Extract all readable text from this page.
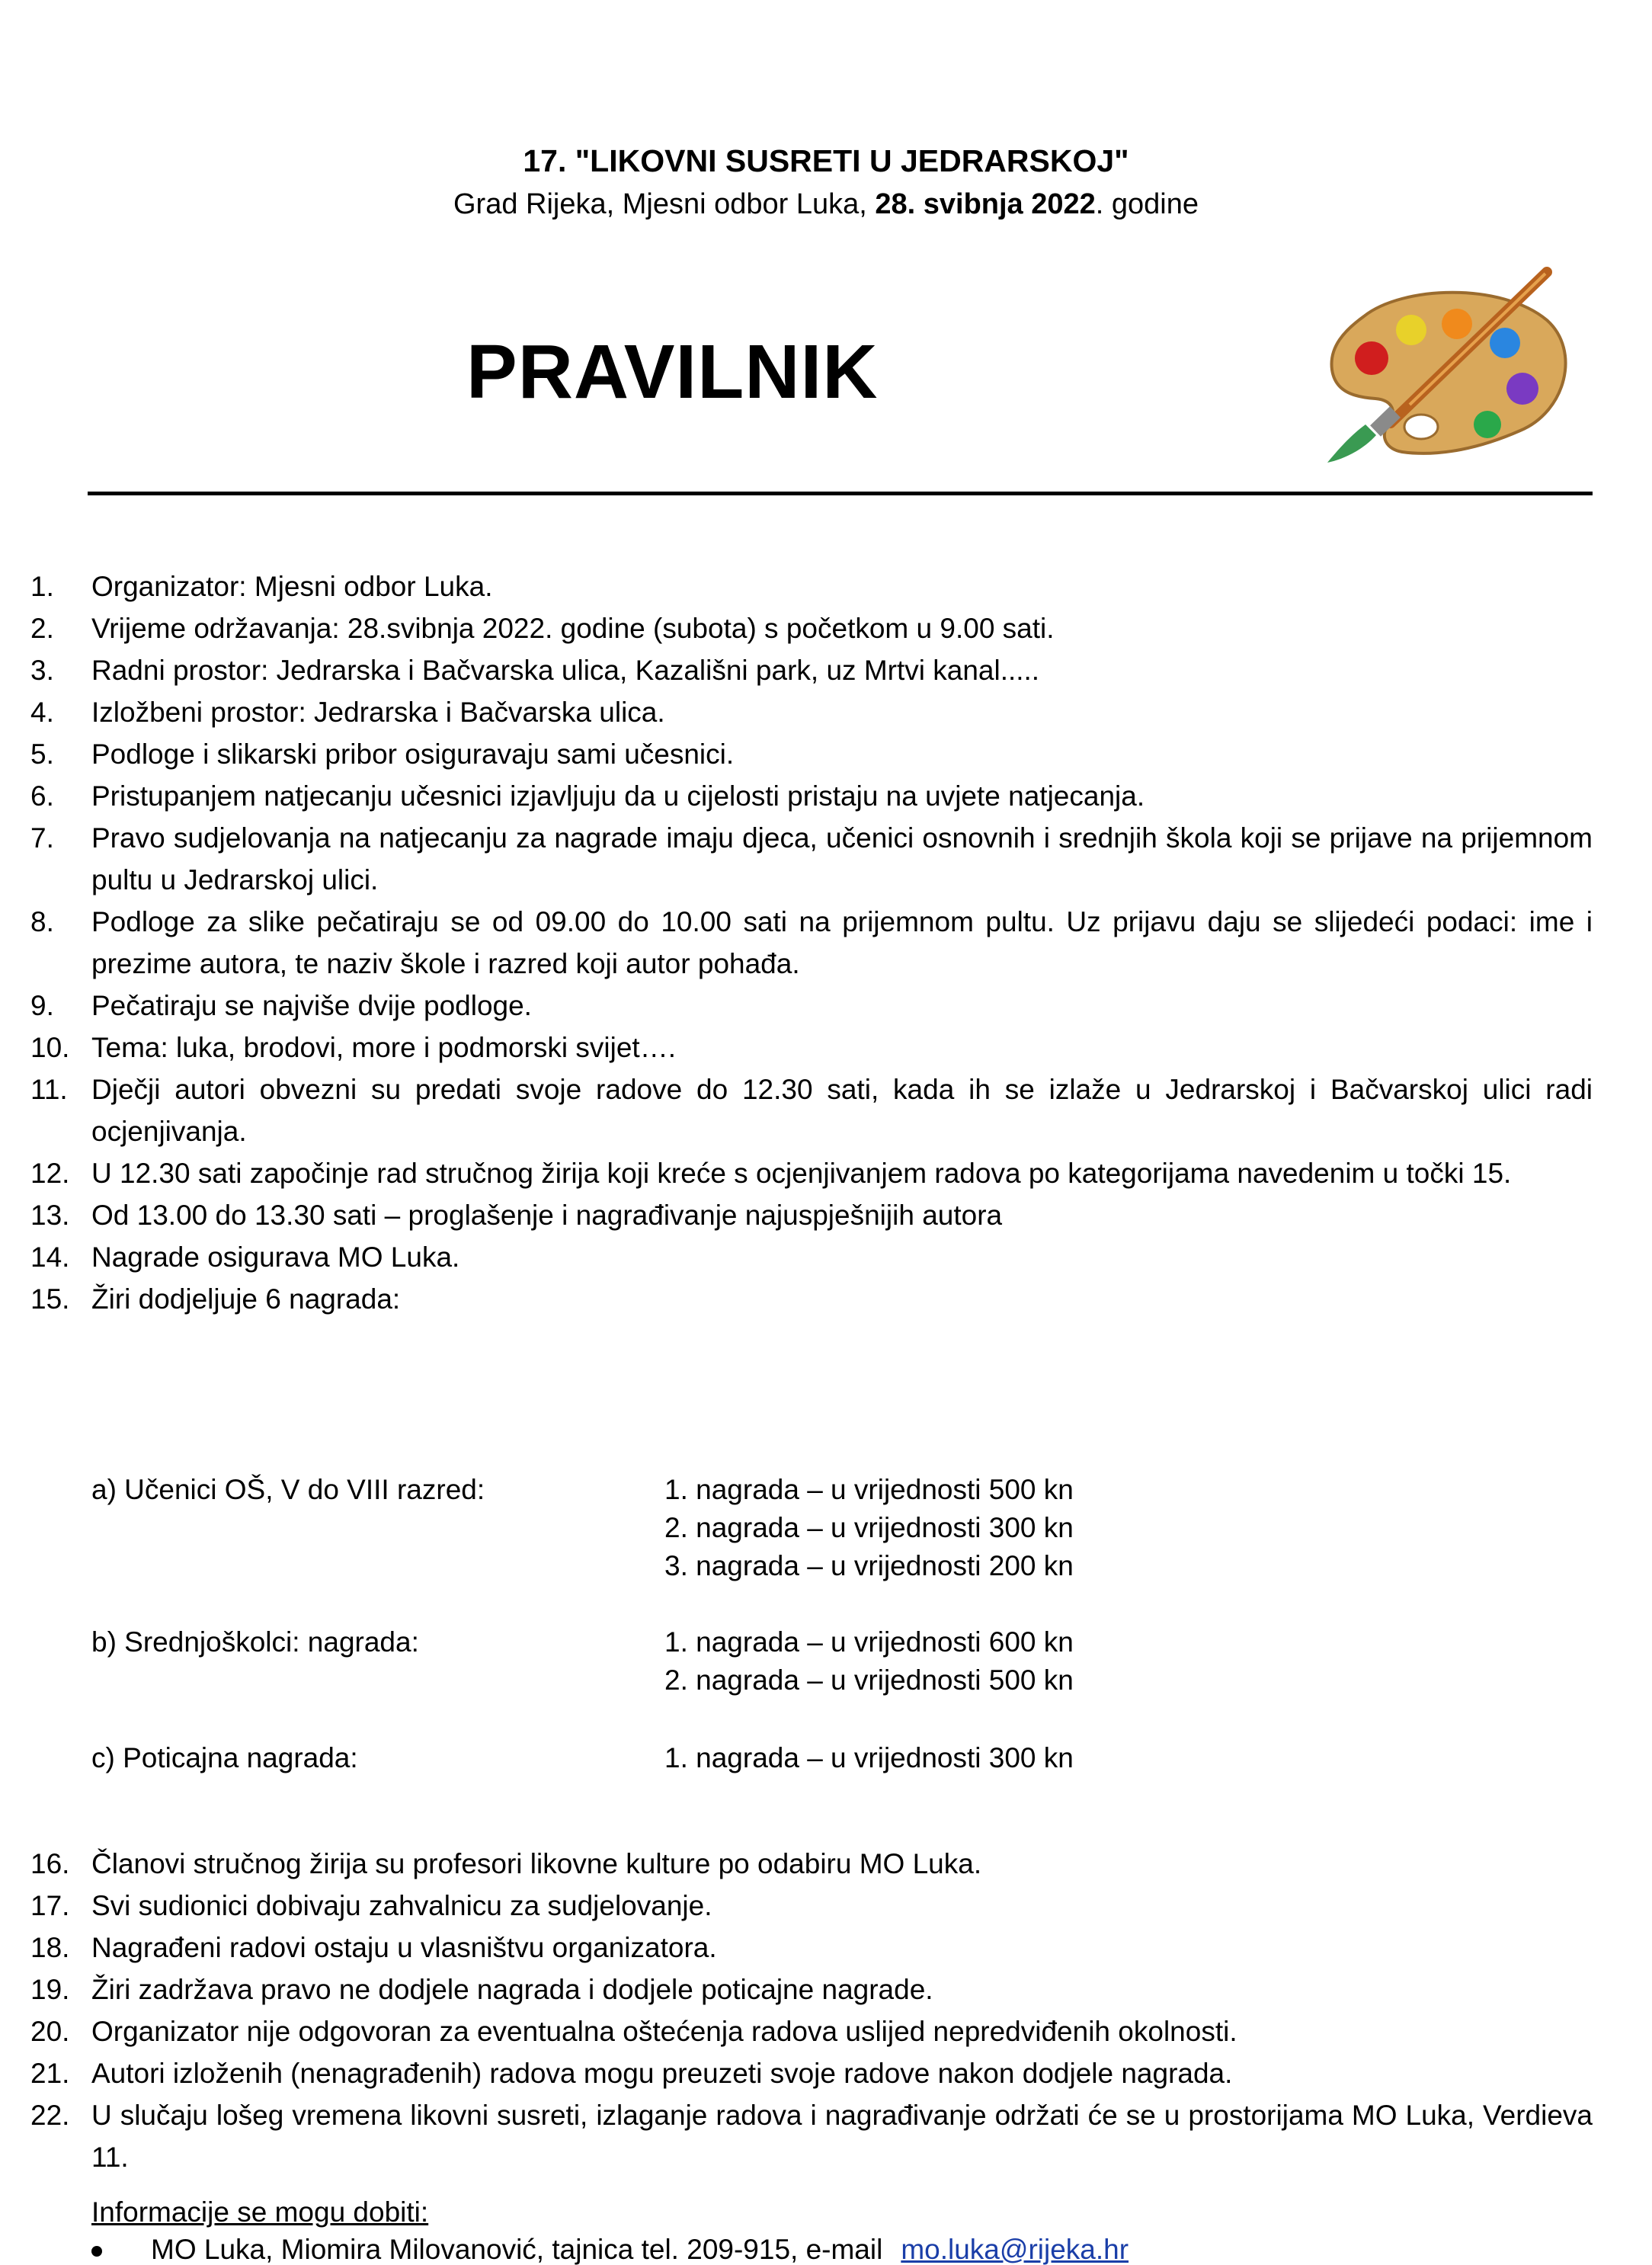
17. "LIKOVNI SUSRETI U JEDRARSKOJ"
Grad Rijeka, Mjesni odbor Luka, 28. svibnja 2022. godine
PRAVILNIK
1.	Organizator: Mjesni odbor Luka.
2.	Vrijeme održavanja: 28.svibnja 2022. godine (subota) s početkom u 9.00 sati.
3.	Radni prostor: Jedrarska i Bačvarska ulica, Kazališni park, uz Mrtvi kanal.....
4.	Izložbeni prostor: Jedrarska i Bačvarska ulica.
5.	Podloge i slikarski pribor osiguravaju sami učesnici.
6.	Pristupanjem natjecanju učesnici izjavljuju da u cijelosti pristaju na uvjete natjecanja.
7.	Pravo sudjelovanja na natjecanju za nagrade imaju djeca, učenici osnovnih i srednjih škola koji se prijave na prijemnom pultu u Jedrarskoj ulici.
8.	Podloge za slike pečatiraju se od 09.00 do 10.00 sati na prijemnom pultu. Uz prijavu daju se slijedeći podaci: ime i prezime autora, te naziv škole i razred koji autor pohađa.
9.	Pečatiraju se najviše dvije podloge.
10. Tema: luka, brodovi, more i podmorski svijet….
11. Dječji autori obvezni su predati svoje radove do 12.30 sati, kada ih se izlaže u Jedrarskoj i Bačvarskoj ulici radi ocjenjivanja.
12. U 12.30 sati započinje rad stručnog žirija koji kreće s ocjenjivanjem radova po kategorijama navedenim u točki 15.
13. Od 13.00 do 13.30 sati – proglašenje i nagrađivanje najuspješnijih autora
14. Nagrade osigurava MO Luka.
15. Žiri dodjeljuje 6 nagrada:
a) Učenici OŠ, V do VIII razred:	1. nagrada – u vrijednosti 500 kn
2. nagrada – u vrijednosti 300 kn
3. nagrada – u vrijednosti 200 kn
b) Srednjoškolci: nagrada:	1. nagrada – u vrijednosti 600 kn
2. nagrada – u vrijednosti 500 kn
c) Poticajna nagrada:	1. nagrada – u vrijednosti 300 kn
16. Članovi stručnog žirija su profesori likovne kulture po odabiru MO Luka.
17. Svi sudionici dobivaju zahvalnicu za sudjelovanje.
18. Nagrađeni radovi ostaju u vlasništvu organizatora.
19. Žiri zadržava pravo ne dodjele nagrada i dodjele poticajne nagrade.
20. Organizator nije odgovoran za eventualna oštećenja radova uslijed nepredviđenih okolnosti.
21. Autori izloženih (nenagrađenih) radova mogu preuzeti svoje radove nakon dodjele nagrada.
22. U slučaju lošeg vremena likovni susreti, izlaganje radova i nagrađivanje održati će se u prostorijama MO Luka, Verdieva 11.
Informacije se mogu dobiti:
MO Luka, Miomira Milovanović, tajnica tel. 209-915, e-mail mo.luka@rijeka.hr
